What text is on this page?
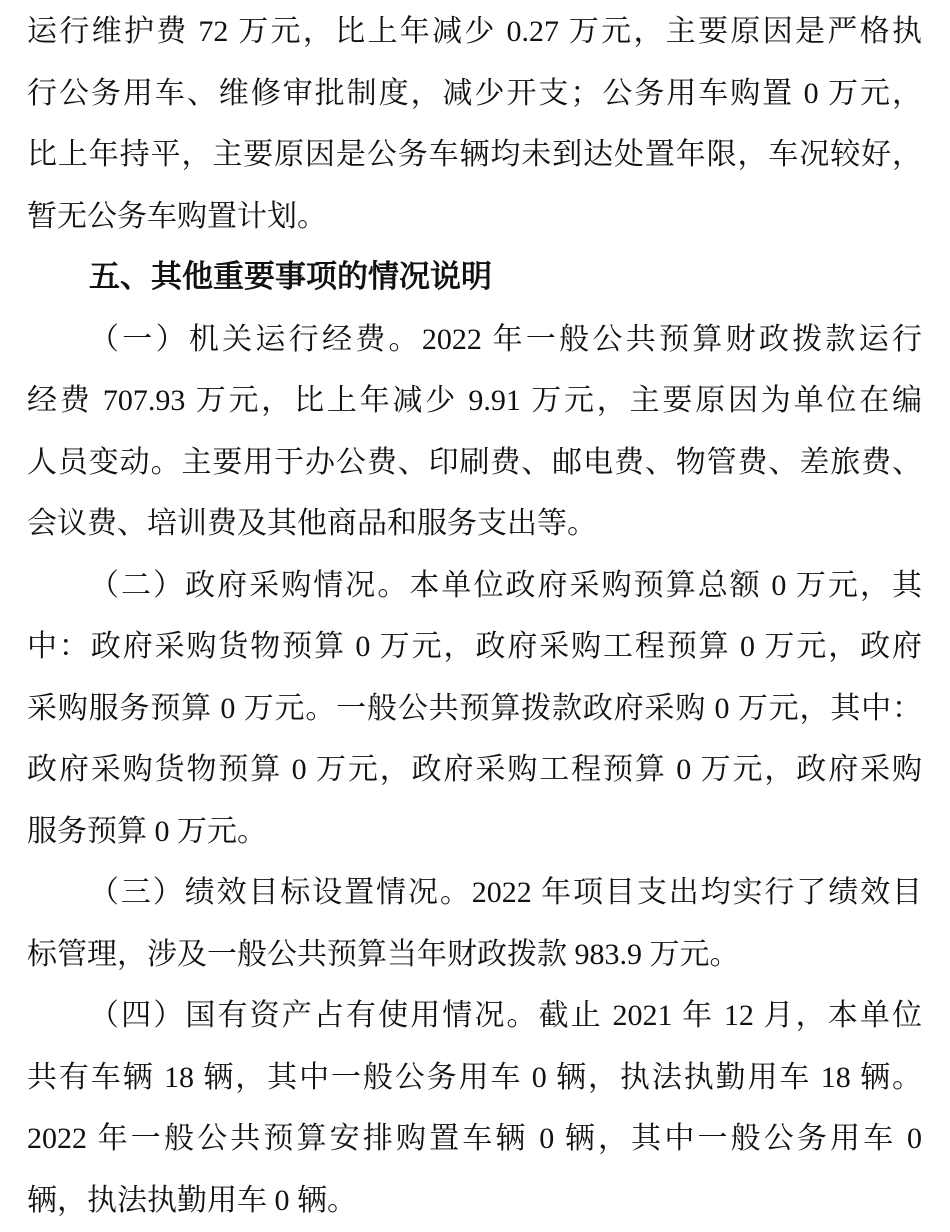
运行维护费 72 万元，比上年减少 0.27 万元，主要原因是严格执
行公务用车、维修审批制度，减少开支；公务用车购置 0 万元，
比上年持平，主要原因是公务车辆均未到达处置年限，车况较好，
暂无公务车购置计划。
五、其他重要事项的情况说明
（一）机关运行经费。2022 年一般公共预算财政拨款运行
经费 707.93 万元，比上年减少 9.91 万元，主要原因为单位在编
人员变动。主要用于办公费、印刷费、邮电费、物管费、差旅费、
会议费、培训费及其他商品和服务支出等。
（二）政府采购情况。本单位政府采购预算总额 0 万元，其
中：政府采购货物预算 0 万元，政府采购工程预算 0 万元，政府
采购服务预算 0 万元。一般公共预算拨款政府采购 0 万元，其中：
政府采购货物预算 0 万元，政府采购工程预算 0 万元，政府采购
服务预算 0 万元。
（三）绩效目标设置情况。2022 年项目支出均实行了绩效目
标管理，涉及一般公共预算当年财政拨款 983.9 万元。
（四）国有资产占有使用情况。截止 2021 年 12 月，本单位
共有车辆 18 辆，其中一般公务用车 0 辆，执法执勤用车 18 辆。
2022 年一般公共预算安排购置车辆 0 辆，其中一般公务用车 0
辆，执法执勤用车 0 辆。
